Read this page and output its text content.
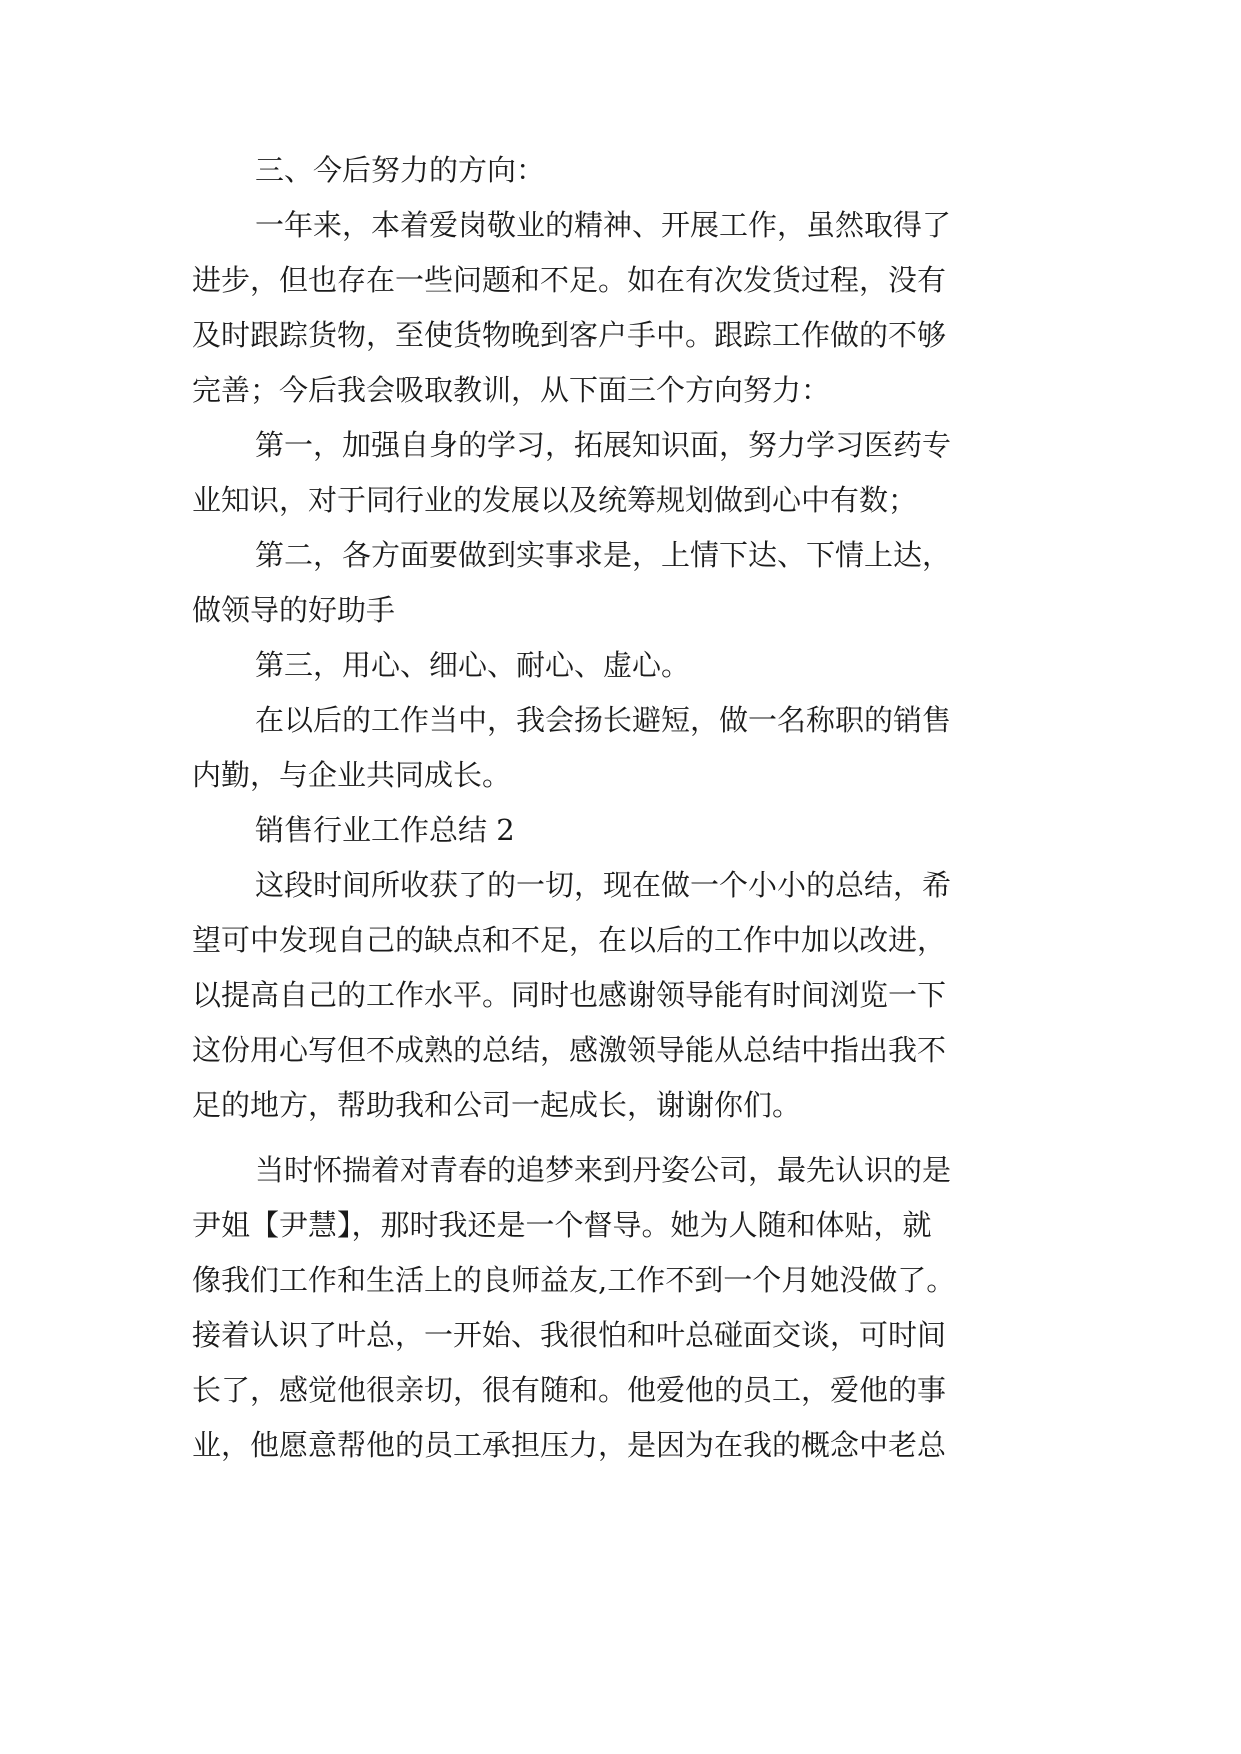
三、今后努力的方向：
一年来，本着爱岗敬业的精神、开展工作，虽然取得了
进步，但也存在一些问题和不足。如在有次发货过程，没有
及时跟踪货物，至使货物晚到客户手中。跟踪工作做的不够
完善；今后我会吸取教训，从下面三个方向努力：
第一，加强自身的学习，拓展知识面，努力学习医药专
业知识，对于同行业的发展以及统筹规划做到心中有数；
第二，各方面要做到实事求是，上情下达、下情上达，
做领导的好助手
第三，用心、细心、耐心、虚心。
在以后的工作当中，我会扬长避短，做一名称职的销售
内勤，与企业共同成长。
销售行业工作总结 2
这段时间所收获了的一切，现在做一个小小的总结，希
望可中发现自己的缺点和不足，在以后的工作中加以改进，
以提高自己的工作水平。同时也感谢领导能有时间浏览一下
这份用心写但不成熟的总结，感激领导能从总结中指出我不
足的地方，帮助我和公司一起成长，谢谢你们。
当时怀揣着对青春的追梦来到丹姿公司，最先认识的是
尹姐【尹慧】，那时我还是一个督导。她为人随和体贴，就
像我们工作和生活上的良师益友,工作不到一个月她没做了。
接着认识了叶总，一开始、我很怕和叶总碰面交谈，可时间
长了，感觉他很亲切，很有随和。他爱他的员工，爱他的事
业，他愿意帮他的员工承担压力，是因为在我的概念中老总
